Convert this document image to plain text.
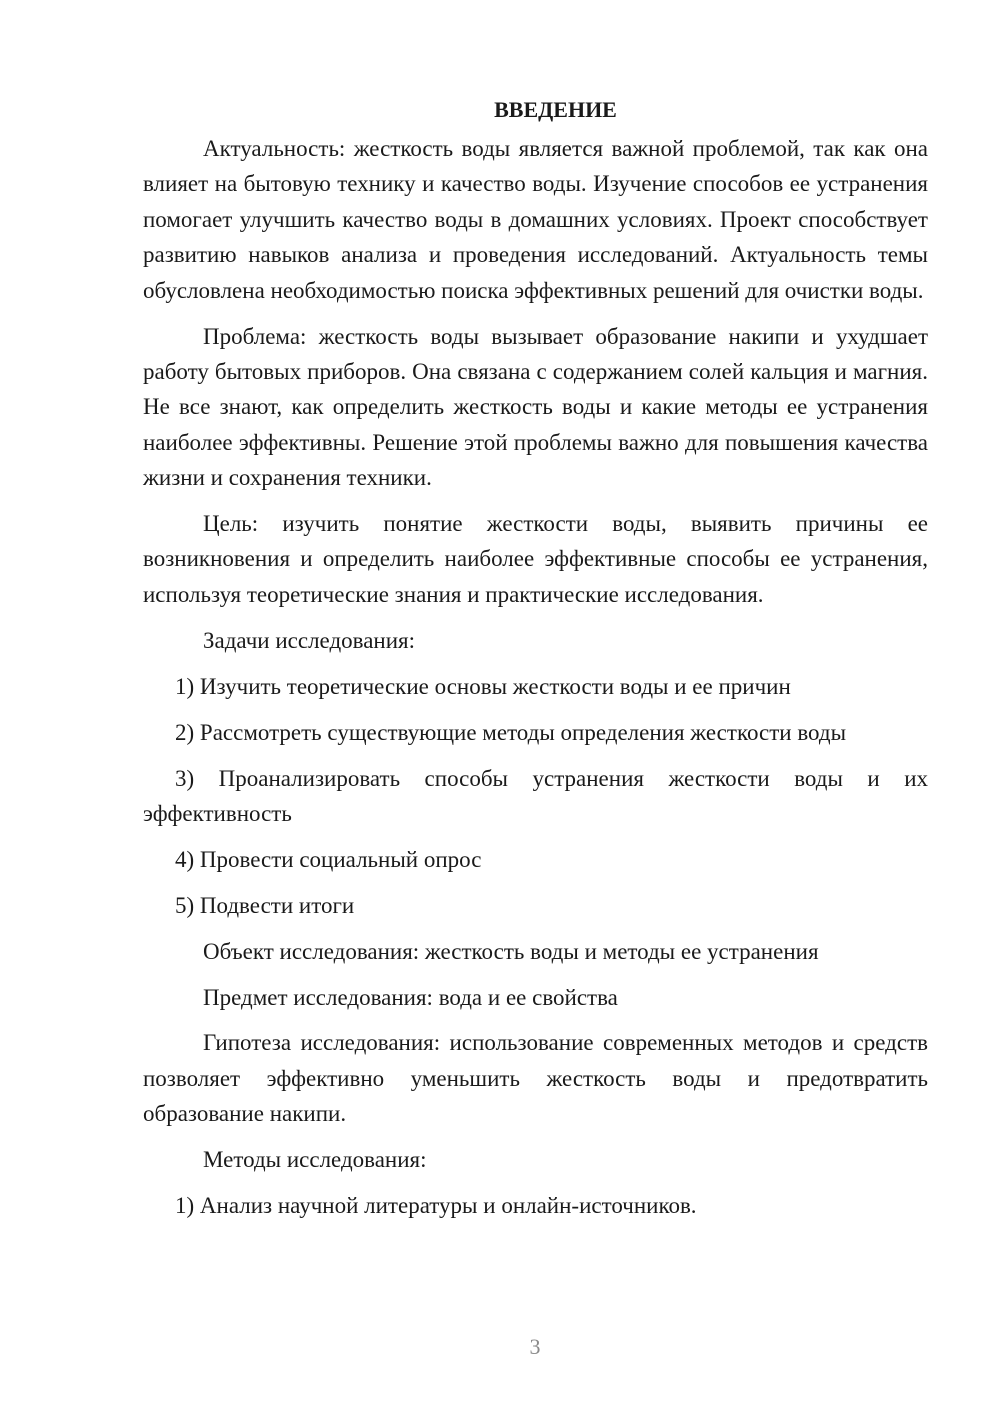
ВВЕДЕНИЕ

Актуальность: жесткость воды является важной проблемой, так как она влияет на бытовую технику и качество воды. Изучение способов ее устранения помогает улучшить качество воды в домашних условиях. Проект способствует развитию навыков анализа и проведения исследований. Актуальность темы обусловлена необходимостью поиска эффективных решений для очистки воды.

Проблема: жесткость воды вызывает образование накипи и ухудшает работу бытовых приборов. Она связана с содержанием солей кальция и магния. Не все знают, как определить жесткость воды и какие методы ее устранения наиболее эффективны. Решение этой проблемы важно для повышения качества жизни и сохранения техники.

Цель: изучить понятие жесткости воды, выявить причины ее возникновения и определить наиболее эффективные способы ее устранения, используя теоретические знания и практические исследования.

Задачи исследования:

1) Изучить теоретические основы жесткости воды и ее причин

2) Рассмотреть существующие методы определения жесткости воды

3) Проанализировать способы устранения жесткости воды и их эффективность

4) Провести социальный опрос

5) Подвести итоги

Объект исследования: жесткость воды и методы ее устранения

Предмет исследования: вода и ее свойства

Гипотеза исследования: использование современных методов и средств позволяет эффективно уменьшить жесткость воды и предотвратить образование накипи.

Методы исследования:

1) Анализ научной литературы и онлайн-источников.

3
